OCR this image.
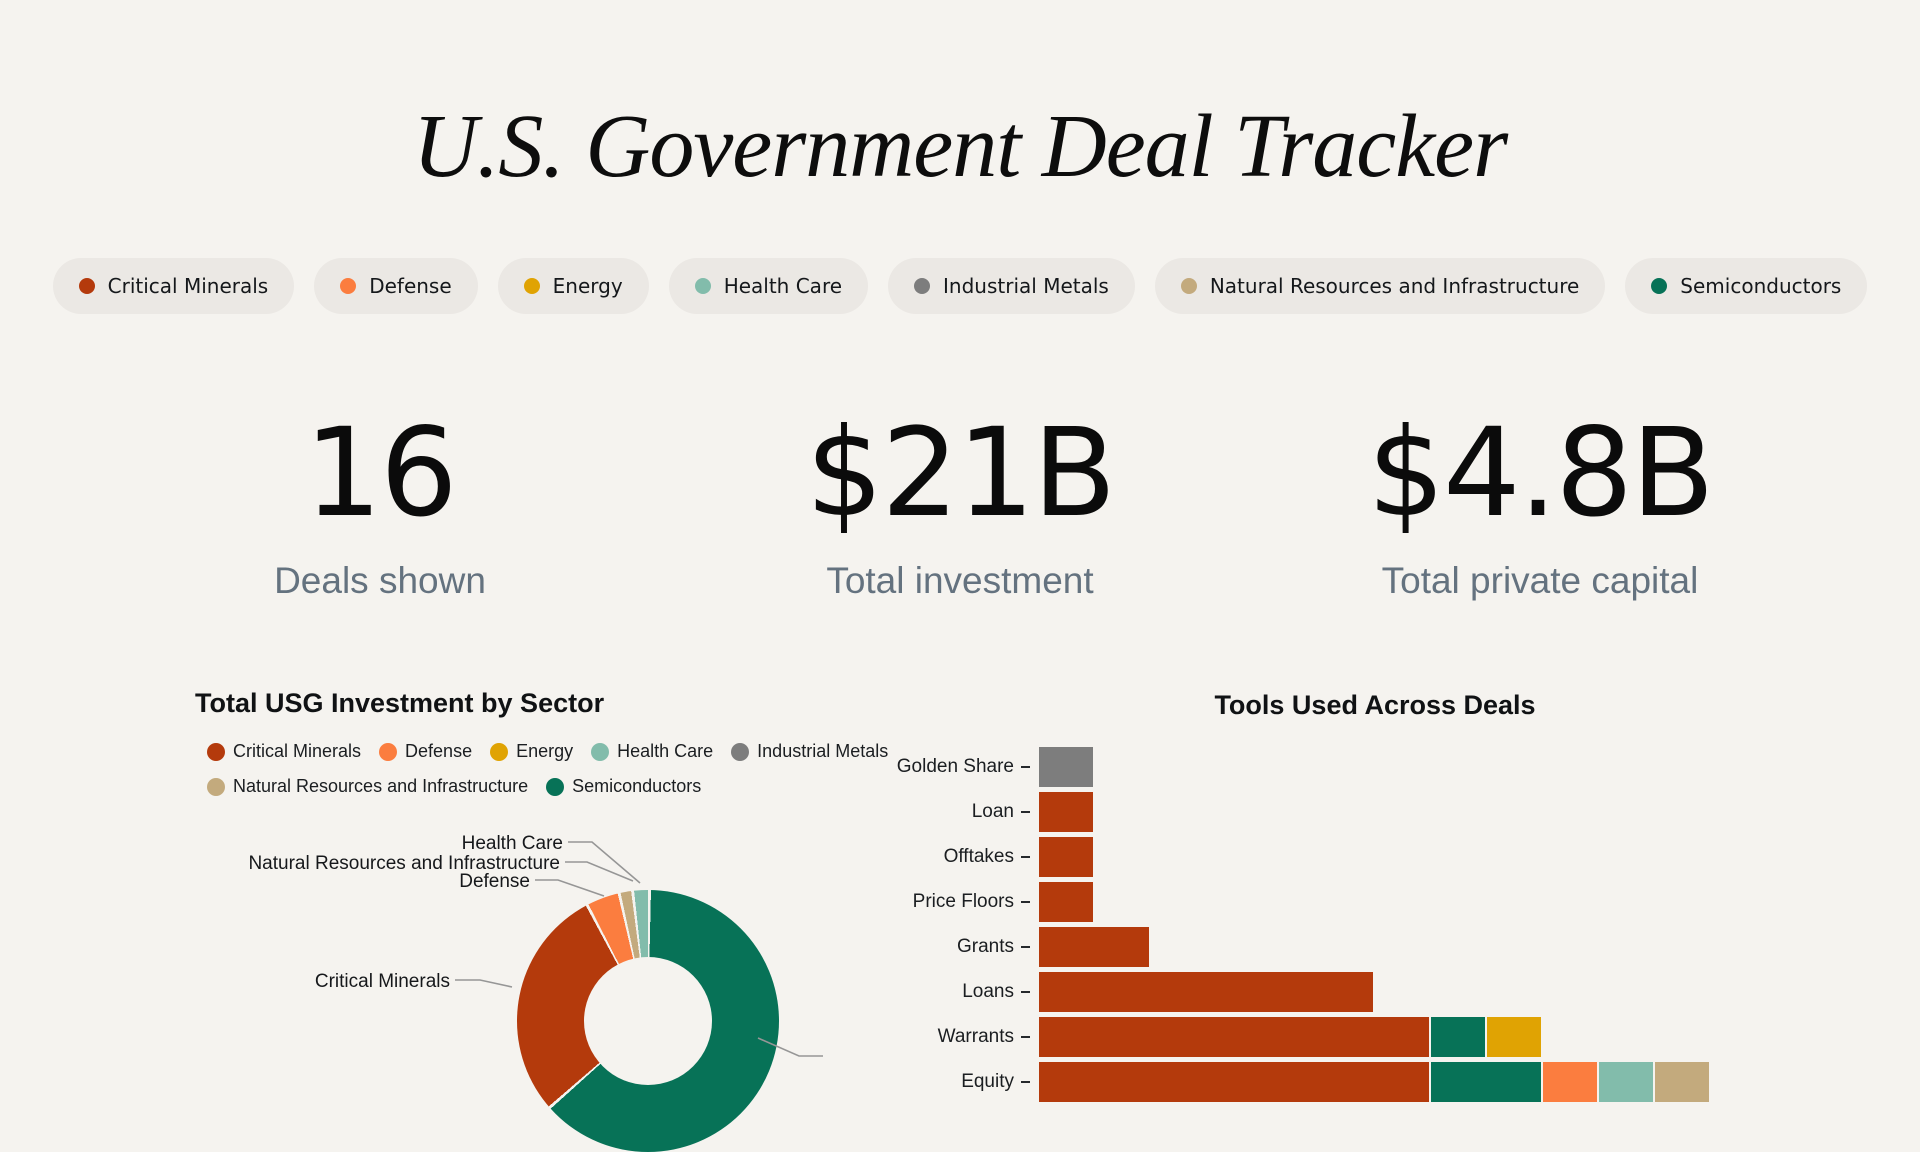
U.S. Government Deal Tracker
Critical Minerals	Defense	Energy	Health Care	Industrial Metals	Natural Resources and Infrastructure	Semiconductors
16
Deals shown
$21B
Total investment
$4.8B
Total private capital
Total USG Investment by Sector
Critical Minerals Defense Energy Health Care Industrial Metals
Natural Resources and Infrastructure Semiconductors
Tools Used Across Deals
Golden Share
Loan
Offtakes
Price Floors
Grants
Loans
Warrants
Equity
Health Care
Natural Resources and Infrastructure
Defense
Critical Minerals
